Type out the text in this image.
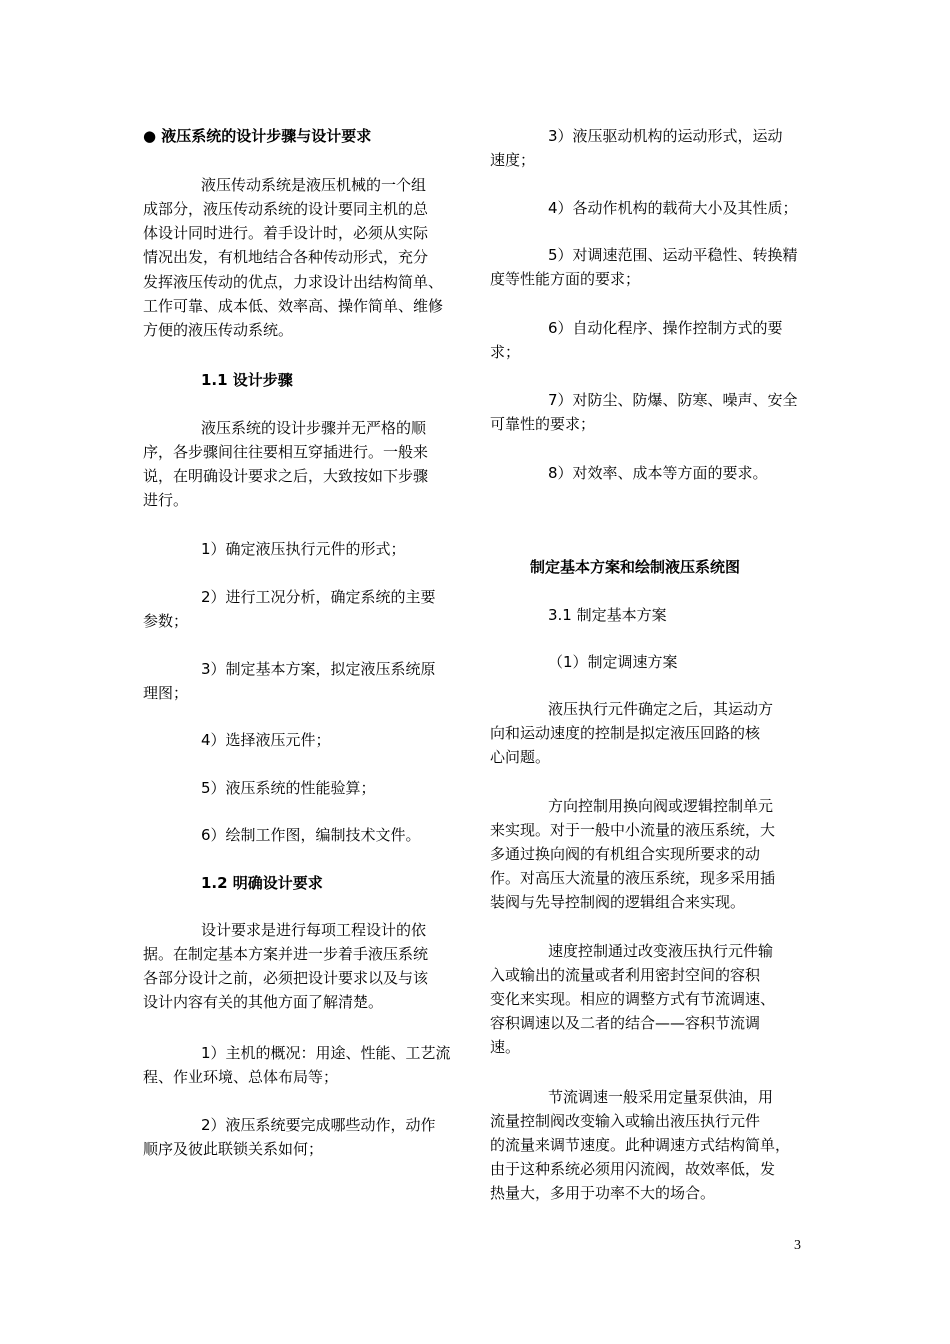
● 液压系统的设计步骤与设计要求
液压传动系统是液压机械的一个组
成部分，液压传动系统的设计要同主机的总
体设计同时进行。着手设计时，必须从实际
情况出发，有机地结合各种传动形式，充分
发挥液压传动的优点，力求设计出结构简单、
工作可靠、成本低、效率高、操作简单、维修
方便的液压传动系统。
1.1 设计步骤
液压系统的设计步骤并无严格的顺
序，各步骤间往往要相互穿插进行。一般来
说，在明确设计要求之后，大致按如下步骤
进行。
1）确定液压执行元件的形式；
2）进行工况分析，确定系统的主要
参数；
3）制定基本方案，拟定液压系统原
理图；
4）选择液压元件；
5）液压系统的性能验算；
6）绘制工作图，编制技术文件。
1.2 明确设计要求
设计要求是进行每项工程设计的依
据。在制定基本方案并进一步着手液压系统
各部分设计之前，必须把设计要求以及与该
设计内容有关的其他方面了解清楚。
1）主机的概况：用途、性能、工艺流
程、作业环境、总体布局等；
2）液压系统要完成哪些动作，动作
顺序及彼此联锁关系如何；
3）液压驱动机构的运动形式，运动
速度；
4）各动作机构的载荷大小及其性质；
5）对调速范围、运动平稳性、转换精
度等性能方面的要求；
6）自动化程序、操作控制方式的要
求；
7）对防尘、防爆、防寒、噪声、安全
可靠性的要求；
8）对效率、成本等方面的要求。
制定基本方案和绘制液压系统图
3.1 制定基本方案
（1）制定调速方案
液压执行元件确定之后，其运动方
向和运动速度的控制是拟定液压回路的核
心问题。
方向控制用换向阀或逻辑控制单元
来实现。对于一般中小流量的液压系统，大
多通过换向阀的有机组合实现所要求的动
作。对高压大流量的液压系统，现多采用插
装阀与先导控制阀的逻辑组合来实现。
速度控制通过改变液压执行元件输
入或输出的流量或者利用密封空间的容积
变化来实现。相应的调整方式有节流调速、
容积调速以及二者的结合——容积节流调
速。
节流调速一般采用定量泵供油，用
流量控制阀改变输入或输出液压执行元件
的流量来调节速度。此种调速方式结构简单，
由于这种系统必须用闪流阀，故效率低，发
热量大，多用于功率不大的场合。
3
